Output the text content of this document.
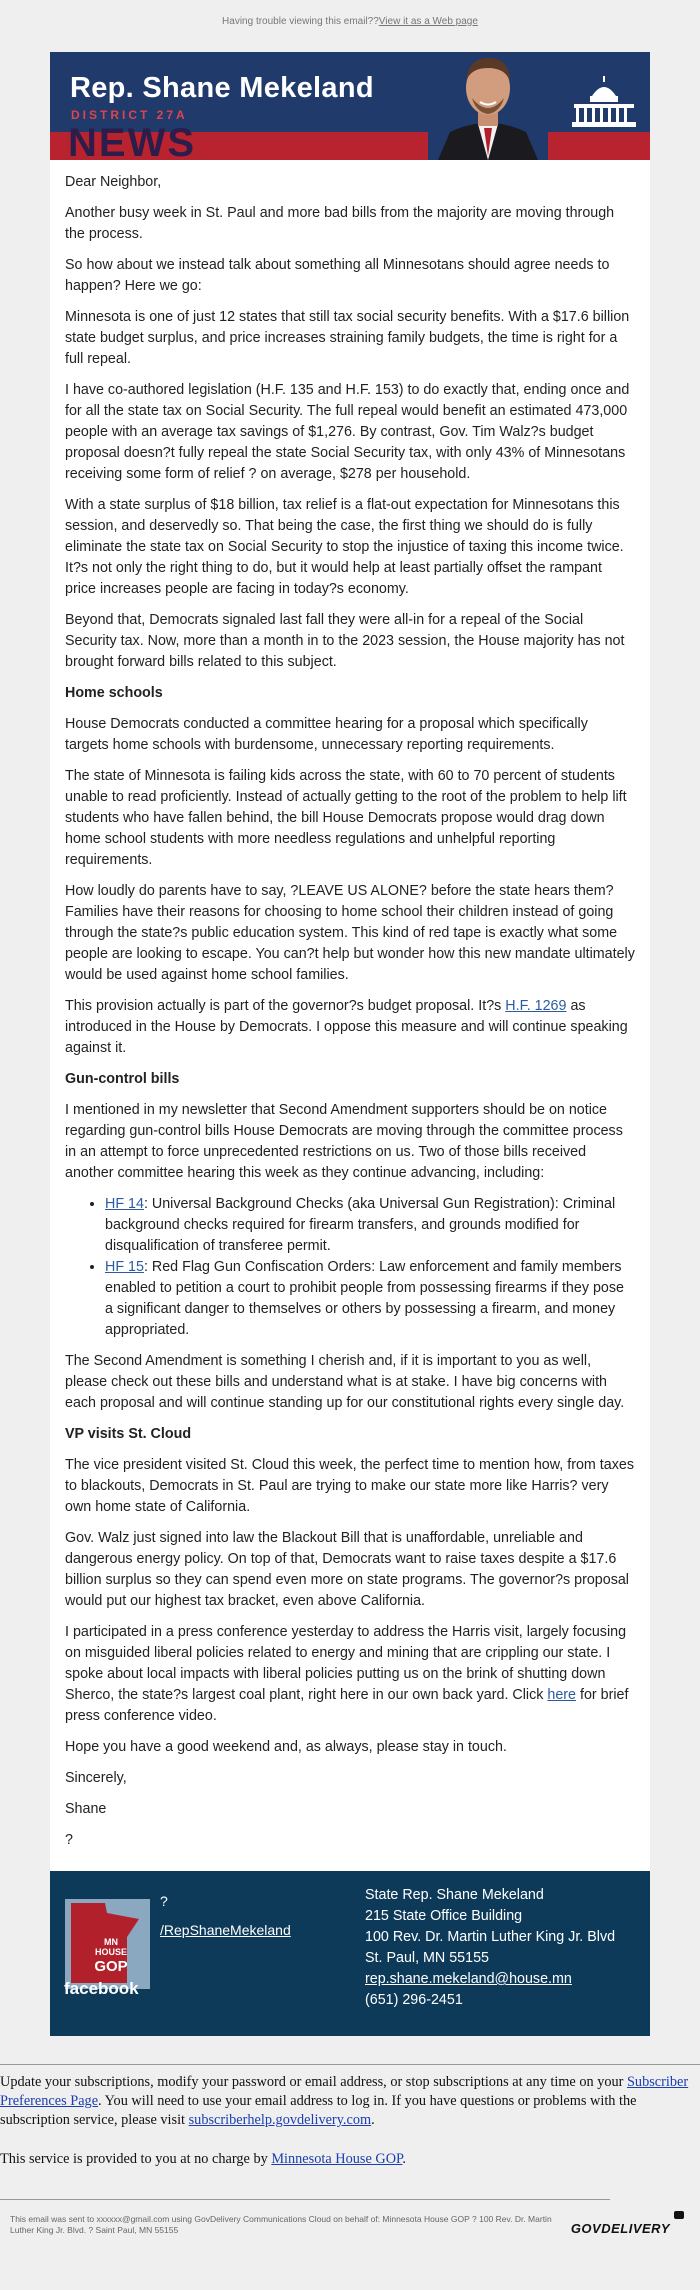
Having trouble viewing this email?? View it as a Web page
Rep. Shane Mekeland
DISTRICT 27A
NEWS

Dear Neighbor,

Another busy week in St. Paul and more bad bills from the majority are moving through the process.

So how about we instead talk about something all Minnesotans should agree needs to happen? Here we go:

Minnesota is one of just 12 states that still tax social security benefits. With a $17.6 billion state budget surplus, and price increases straining family budgets, the time is right for a full repeal.

I have co-authored legislation (H.F. 135 and H.F. 153) to do exactly that, ending once and for all the state tax on Social Security. The full repeal would benefit an estimated 473,000 people with an average tax savings of $1,276. By contrast, Gov. Tim Walz?s budget proposal doesn?t fully repeal the state Social Security tax, with only 43% of Minnesotans receiving some form of relief ? on average, $278 per household.

With a state surplus of $18 billion, tax relief is a flat-out expectation for Minnesotans this session, and deservedly so. That being the case, the first thing we should do is fully eliminate the state tax on Social Security to stop the injustice of taxing this income twice. It?s not only the right thing to do, but it would help at least partially offset the rampant price increases people are facing in today?s economy.

Beyond that, Democrats signaled last fall they were all-in for a repeal of the Social Security tax. Now, more than a month in to the 2023 session, the House majority has not brought forward bills related to this subject.

Home schools

House Democrats conducted a committee hearing for a proposal which specifically targets home schools with burdensome, unnecessary reporting requirements.

The state of Minnesota is failing kids across the state, with 60 to 70 percent of students unable to read proficiently. Instead of actually getting to the root of the problem to help lift students who have fallen behind, the bill House Democrats propose would drag down home school students with more needless regulations and unhelpful reporting requirements.

How loudly do parents have to say, ?LEAVE US ALONE? before the state hears them? Families have their reasons for choosing to home school their children instead of going through the state?s public education system. This kind of red tape is exactly what some people are looking to escape. You can?t help but wonder how this new mandate ultimately would be used against home school families.

This provision actually is part of the governor?s budget proposal. It?s H.F. 1269 as introduced in the House by Democrats. I oppose this measure and will continue speaking against it.

Gun-control bills

I mentioned in my newsletter that Second Amendment supporters should be on notice regarding gun-control bills House Democrats are moving through the committee process in an attempt to force unprecedented restrictions on us. Two of those bills received another committee hearing this week as they continue advancing, including:

• HF 14: Universal Background Checks (aka Universal Gun Registration): Criminal background checks required for firearm transfers, and grounds modified for disqualification of transferee permit.
• HF 15: Red Flag Gun Confiscation Orders: Law enforcement and family members enabled to petition a court to prohibit people from possessing firearms if they pose a significant danger to themselves or others by possessing a firearm, and money appropriated.

The Second Amendment is something I cherish and, if it is important to you as well, please check out these bills and understand what is at stake. I have big concerns with each proposal and will continue standing up for our constitutional rights every single day.

VP visits St. Cloud

The vice president visited St. Cloud this week, the perfect time to mention how, from taxes to blackouts, Democrats in St. Paul are trying to make our state more like Harris? very own home state of California.

Gov. Walz just signed into law the Blackout Bill that is unaffordable, unreliable and dangerous energy policy. On top of that, Democrats want to raise taxes despite a $17.6 billion surplus so they can spend even more on state programs. The governor?s proposal would put our highest tax bracket, even above California.

I participated in a press conference yesterday to address the Harris visit, largely focusing on misguided liberal policies related to energy and mining that are crippling our state. I spoke about local impacts with liberal policies putting us on the brink of shutting down Sherco, the state?s largest coal plant, right here in our own back yard. Click here for brief press conference video.

Hope you have a good weekend and, as always, please stay in touch.

Sincerely,

Shane

?

MN
HOUSE
GOP
facebook
?
/RepShaneMekeland
State Rep. Shane Mekeland
215 State Office Building
100 Rev. Dr. Martin Luther King Jr. Blvd
St. Paul, MN 55155
rep.shane.mekeland@house.mn
(651) 296-2451

Update your subscriptions, modify your password or email address, or stop subscriptions at any time on your Subscriber Preferences Page. You will need to use your email address to log in. If you have questions or problems with the subscription service, please visit subscriberhelp.govdelivery.com.

This service is provided to you at no charge by Minnesota House GOP.

This email was sent to xxxxxx@gmail.com using GovDelivery Communications Cloud on behalf of: Minnesota House GOP ? 100 Rev. Dr. Martin Luther King Jr. Blvd. ? Saint Paul, MN 55155	GOVDELIVERY
